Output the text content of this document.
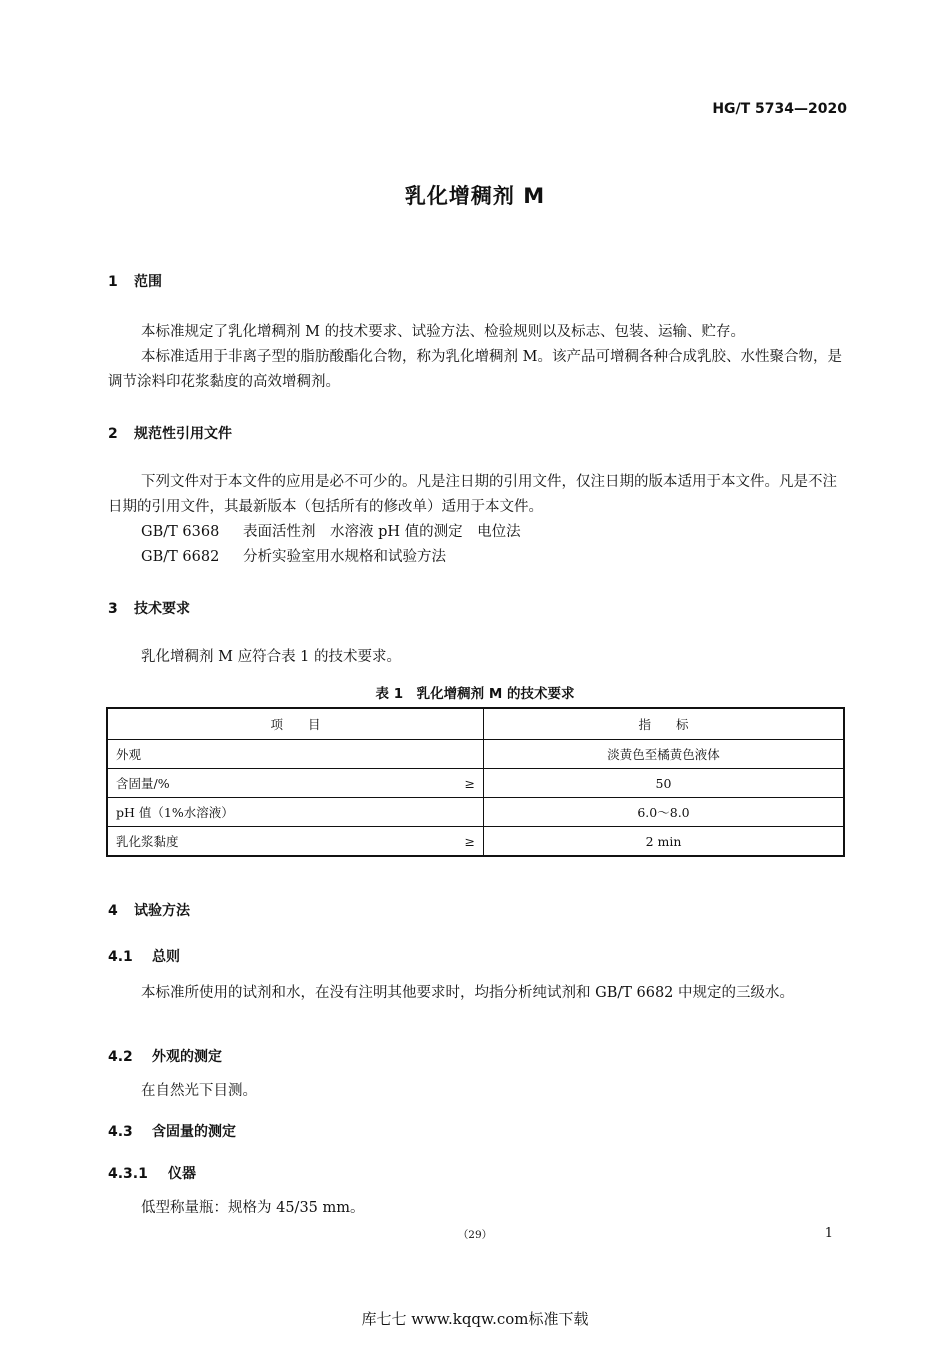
HG/T 5734—2020
乳化增稠剂 M
1 范围
本标准规定了乳化增稠剂 M 的技术要求、试验方法、检验规则以及标志、包装、运输、贮存。
本标准适用于非离子型的脂肪酸酯化合物，称为乳化增稠剂 M。该产品可增稠各种合成乳胶、水性聚合物，是调节涂料印花浆黏度的高效增稠剂。
2 规范性引用文件
下列文件对于本文件的应用是必不可少的。凡是注日期的引用文件，仅注日期的版本适用于本文件。凡是不注日期的引用文件，其最新版本（包括所有的修改单）适用于本文件。
GB/T 6368 表面活性剂　水溶液 pH 值的测定　电位法
GB/T 6682 分析实验室用水规格和试验方法
3 技术要求
乳化增稠剂 M 应符合表 1 的技术要求。
表 1　乳化增稠剂 M 的技术要求
项　　目	指　　标

外观	淡黄色至橘黄色液体

含固量/% ≥	50

pH 值（1%水溶液）	6.0～8.0

乳化浆黏度 ≥	2 min
4 试验方法
4.1 总则
本标准所使用的试剂和水，在没有注明其他要求时，均指分析纯试剂和 GB/T 6682 中规定的三级水。
4.2 外观的测定
在自然光下目测。
4.3 含固量的测定
4.3.1 仪器
低型称量瓶：规格为 45/35 mm。
（29）	1
库七七 www.kqqw.com标准下载
